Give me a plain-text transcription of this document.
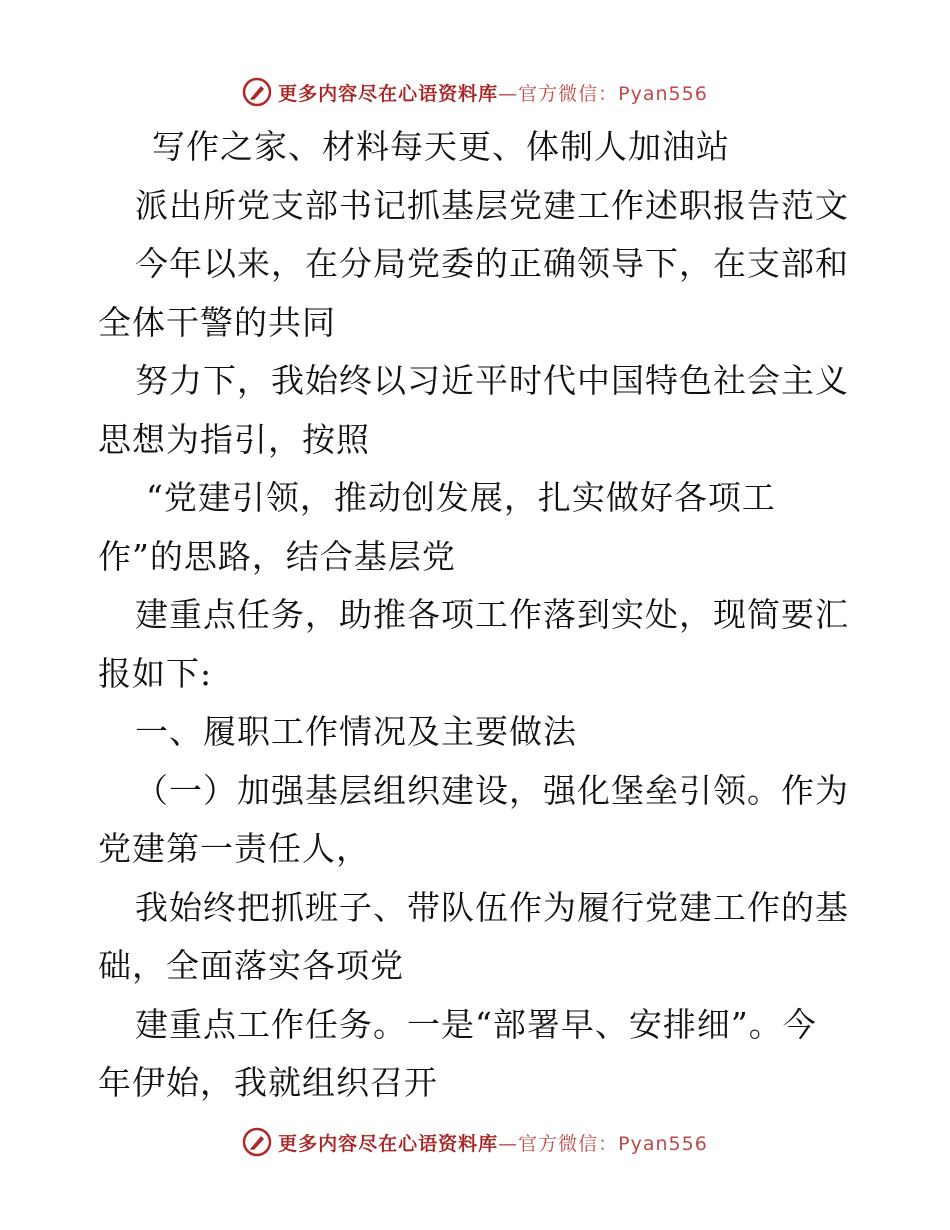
更多内容尽在心语资料库 —官方微信：Pyan556

写作之家、材料每天更、体制人加油站

派出所党支部书记抓基层党建工作述职报告范文

今年以来，在分局党委的正确领导下，在支部和

全体干警的共同

努力下，我始终以习近平时代中国特色社会主义

思想为指引，按照

“党建引领，推动创发展，扎实做好各项工

作”的思路，结合基层党

建重点任务，助推各项工作落到实处，现简要汇

报如下:

一、履职工作情况及主要做法

（一）加强基层组织建设，强化堡垒引领。作为

党建第一责任人，

我始终把抓班子、带队伍作为履行党建工作的基

础，全面落实各项党

建重点工作任务。一是“部署早、安排细”。今

年伊始，我就组织召开

更多内容尽在心语资料库 —官方微信：Pyan556
